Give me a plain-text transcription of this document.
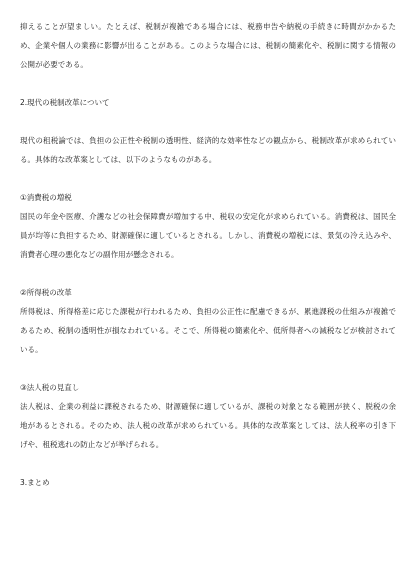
抑えることが望ましい。たとえば、税制が複雑である場合には、税務申告や納税の手続きに時間がかかるため、企業や個人の業務に影響が出ることがある。このような場合には、税制の簡素化や、税制に関する情報の公開が必要である。

2.現代の税制改革について

現代の租税論では、負担の公正性や税制の透明性、経済的な効率性などの観点から、税制改革が求められている。具体的な改革案としては、以下のようなものがある。

①消費税の増税

国民の年金や医療、介護などの社会保障費が増加する中、税収の安定化が求められている。消費税は、国民全員が均等に負担するため、財源確保に適しているとされる。しかし、消費税の増税には、景気の冷え込みや、消費者心理の悪化などの副作用が懸念される。

②所得税の改革

所得税は、所得格差に応じた課税が行われるため、負担の公正性に配慮できるが、累進課税の仕組みが複雑であるため、税制の透明性が損なわれている。そこで、所得税の簡素化や、低所得者への減税などが検討されている。

③法人税の見直し

法人税は、企業の利益に課税されるため、財源確保に適しているが、課税の対象となる範囲が狭く、脱税の余地があるとされる。そのため、法人税の改革が求められている。具体的な改革案としては、法人税率の引き下げや、租税逃れの防止などが挙げられる。

3.まとめ
